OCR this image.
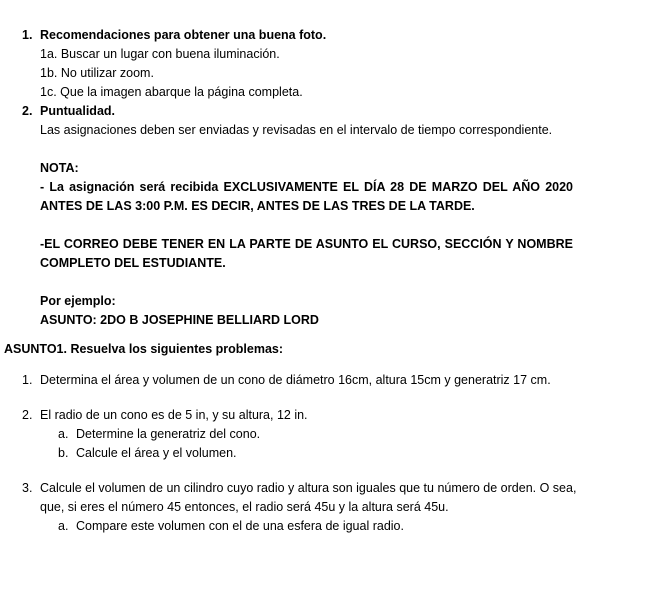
1. Recomendaciones para obtener una buena foto.
1a. Buscar un lugar con buena iluminación.
1b. No utilizar zoom.
1c. Que la imagen abarque la página completa.
2. Puntualidad.
Las asignaciones deben ser enviadas y revisadas en el intervalo de tiempo correspondiente.
NOTA:

- La asignación será recibida EXCLUSIVAMENTE EL DÍA 28 DE MARZO DEL AÑO 2020 ANTES DE LAS 3:00 P.M. ES DECIR, ANTES DE LAS TRES DE LA TARDE.

-EL CORREO DEBE TENER EN LA PARTE DE ASUNTO EL CURSO, SECCIÓN Y NOMBRE COMPLETO DEL ESTUDIANTE.

Por ejemplo:
ASUNTO: 2DO B JOSEPHINE BELLIARD LORD
ASUNTO1. Resuelva los siguientes problemas:
1. Determina el área y volumen de un cono de diámetro 16cm, altura 15cm y generatriz 17 cm.
2. El radio de un cono es de 5 in, y su altura, 12 in.
a. Determine la generatriz del cono.
b. Calcule el área y el volumen.
3. Calcule el volumen de un cilindro cuyo radio y altura son iguales que tu número de orden. O sea, que, si eres el número 45 entonces, el radio será 45u y la altura será 45u.
a. Compare este volumen con el de una esfera de igual radio.
